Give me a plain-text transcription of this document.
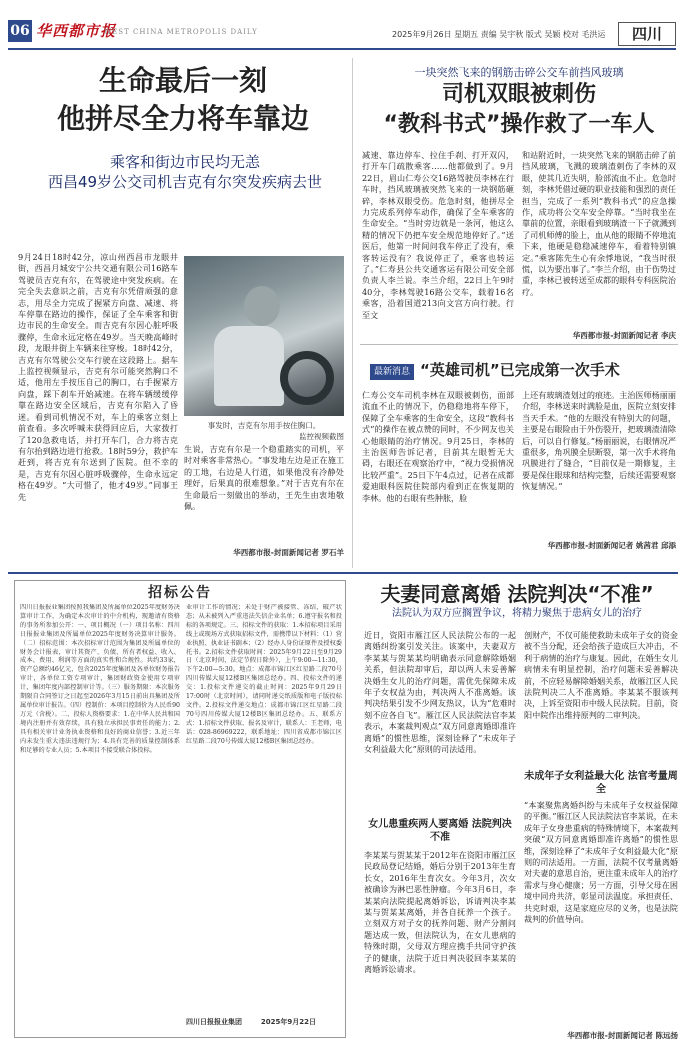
06 华西都市报
WEST CHINA METROPOLIS DAILY	2025年9月26日 星期五 责编 吴宇秋 版式 吴颖 校对 毛洪运	四川
生命最后一刻
他拼尽全力将车靠边
乘客和街边市民均无恙
西昌49岁公交司机吉克有尔突发疾病去世
9月24日18时42分，凉山州西昌市龙眼井街，西昌月城安宁公共交通有限公司16路车驾驶员吉克有尔，在驾驶途中突发疾病。在完全失去意识之前，吉克有尔凭借顽强的意志，用尽全力完成了握紧方向盘、减速、将车停靠在路边的操作，保证了全车乘客和街边市民的生命安全。而吉克有尔因心脏呼吸骤停，生命永远定格在49岁。当天晚高峰时段，龙眼井街上车辆来往穿梭。18时42分，吉克有尔驾驶公交车行驶在这段路上。据车上监控视频显示，吉克有尔可能突然胸口不适，他用左手按压自己的胸口，右手握紧方向盘，踩下刹车开始减速。在将车辆缓缓停靠在路边安全区域后，吉克有尔陷入了昏迷。看到司机情况不对，车上的乘客立刻上前查看。多次呼喊未获得回应后，大家拨打了120急救电话，并打开车门，合力将吉克有尔抬到路边进行抢救。18时59分，救护车赶到，将吉克有尔送到了医院。但不幸的是，吉克有尔因心脏呼吸骤停，生命永远定格在49岁。“大可惜了，他才49岁。”同事王先
事发时，吉克有尔用手按住胸口。
监控视频截图
生说，吉克有尔是一个稳重踏实的司机，平时对乘客非常热心。“事发地左边是正在施工的工地，右边是人行道，如果他没有冷静处理好，后果真的很难想象。”对于吉克有尔在生命最后一刻做出的举动，王先生由衷地敬佩。
华西都市报-封面新闻记者 罗石羊
一块突然飞来的钢筋击碎公交车前挡风玻璃
司机双眼被刺伤
“教科书式”操作救了一车人
减速、靠边停车、拉住手刹、打开双闪，打开车门疏散乘客……他都做到了。9月22日，眉山仁寿公交16路驾驶员李林在行车时，挡风玻璃被突然飞来的一块钢筋砸碎，李林双眼受伤。危急时刻，他拼尽全力完成系列停车动作，确保了全车乘客的生命安全。“当时旁边就是一条河，他这么精的情况下仍把车安全规范地停好了。”送医后，他第一时间问我车停正了没有，乘客转运没有？我说停正了，乘客也转运了。”仁寿县公共交通客运有限公司安全部负责人李兰说。李兰介绍，22日上午9时40分，李林驾驶16路公交车，载着16名乘客，沿着国道213向文宫方向行驶。行至文
和站附近时，一块突然飞来的钢筋击碎了前挡风玻璃，飞溅的玻璃渣刺伤了李林的双眼，使其几近失明，脸部流血不止。危急时刻，李林凭借过硬的职业技能和强烈的责任担当，完成了一系列“教科书式”的应急操作，成功将公交车安全停靠。“当时我坐在靠前的位置，亲眼看到玻璃渣一下子就溅到了司机师傅的脸上，血从他的眼睛不停地流下来，他硬是稳稳减速停车，看着特别镇定。”乘客陈先生心有余悸地说，“我当时很慌，以为要出事了。”李兰介绍，由于伤势过重，李林已被转送至成都的眼科专科医院治疗。
华西都市报-封面新闻记者 李庆
最新消息 “英雄司机”已完成第一次手术
仁寿公交车司机李林在双眼被刺伤，面部流血不止的情况下，仍稳稳地将车停下，保障了全车乘客的生命安全，这段“教科书式”的操作在被点赞的同时，不少网友也关心他眼睛的治疗情况。9月25日，李林的主治医师告诉记者，目前其左眼暂无大碍，右眼还在观察治疗中，“视力受损情况比较严重”。25日下午4点过，记者在成都爱迪眼科医院住院部内看到正在恢复期的李林。他的右眼有些肿胀，脸
上还有玻璃渣划过的痕迹。主治医师杨丽丽介绍，李林送来时满脸是血，医院立刻安排当天手术。“他的左眼没有特别大的问题，主要是右眼险由于外伤裂开，把玻璃渣清除后，可以自行修复。”杨丽丽说，右眼情况严重很多，角巩膜全层断裂，第一次手术将角巩膜进行了缝合，“目前仅是一期修复，主要是保住眼球和结构完整，后续还需要观察恢复情况。”
华西都市报-封面新闻记者 姚茜君 邱添
招标公告
四川日报报业集团按照我集团及所属单位2025年度财务决算审计工作，为确定本次审计的中介机构，现邀请有资格的事务所参加公开：一、项目概况（一）项目名称：四川日报报业集团及所属单位2025年度财务决算审计服务。（二）招标范围：本次招标审计范围为集团及所属单位的财务会计报表，审计其资产、负债、所有者权益、收入、成本、费用、利润等方面的真实性和合规性。共约33家，资产总额约46亿元，包含2025年度集团及各单位财务报告审计，各单位工资专项审计，集团财政资金使用专项审计，集团年度内部控制审计等。（三）服务期限：本次服务期限自合同签订之日起至2026年3月15日前出具集团及所属单位审计报告。（四）控制价：本项目控制价为人民币90万元（含税）。二、投标人资格要求：1.在中华人民共和国境内注册并有效存续，具有独立承担民事责任的能力；2.具有相关审计业务执业资格和良好的商业信誉；3.近三年内未发生重大违法违规行为；4.具有完善的质量控制体系和足够的专业人员；5.本项目不接受联合体投标。
业审计工作的情况；未处于财产被接管、冻结、破产状态；从未被列入严重违法失信企业名单；6.遵守报名和投标的各项规定。三、招标文件的获取：1.本招标项目采用线上或现场方式获取招标文件，需携带以下材料：（1）营业执照、执业证书副本；（2）经办人身份证原件及授权委托书。2.招标文件获取时间：2025年9月22日至9月29日（北京时间，法定节假日除外），上午9:00—11:30，下午2:00—5:30。地点：成都市锦江区红星路二段70号四川传媒大厦12楼B区集团总经办。四、投标文件的递交：1.投标文件递交的截止时间：2025年9月29日17:00时（北京时间），请同时递交纸质版和电子版投标文件。2.投标文件递交地点：成都市锦江区红星路二段70号四川传媒大厦12楼B区集团总经办。五、联系方式：1.招标文件获取、报名及审计，联系人：王老师，电话：028-86969222，联系地址：四川省成都市锦江区红星路二段70号传媒大厦12楼B区集团总经办。
四川日报报业集团	2025年9月22日
夫妻同意离婚 法院判决“不准”
法院认为双方应搁置争议，将精力聚焦于患病女儿的治疗
近日，资阳市雁江区人民法院公布的一起离婚纠纷案引发关注。该案中，夫妻双方李某某与贺某某均明确表示同意解除婚姻关系，但法院却审后，却以两人未妥善解决婚生女儿的治疗问题，需优先保障未成年子女权益为由，判决两人不准离婚。该判决结果引发不少网友热议，认为“危难时刻不应各自飞”。雁江区人民法院法官李某表示，本案裁判观点“双方同意离婚即准许离婚”的惯性思维，深刻诠释了“未成年子女利益最大化”原则的司法适用。
女儿患重疾两人要离婚 法院判决不准
李某某与贺某某于2012年在资阳市雁江区民政局登记结婚，婚后分别于2013年生育长女，2016年生育次女。今年3月，次女被确诊为淋巴恶性肿瘤。今年3月6日，李某某向法院提起离婚诉讼，诉请判决李某某与贺某某离婚，并各自抚养一个孩子。立刻双方对子女的抚养问题、财产分割问题达成一致，但法院认为，在女儿患病的特殊时期，父母双方理应携手共同守护孩子的健康，法院于近日判决驳回李某某的离婚诉讼请求。
剖财产，不仅可能使救助未成年子女的资金被不当分配，还会给孩子造成巨大冲击，不利于病情的治疗与康复。因此，在婚生女儿病情未有明显控制，治疗问题未妥善解决前，不应轻易解除婚姻关系，故雁江区人民法院判决二人不准离婚。李某某不服该判决，上诉至资阳市中级人民法院。目前，资阳中院作出维持原判的二审判决。
未成年子女利益最大化 法官考量周全
“本案聚焦离婚纠纷与未成年子女权益保障的平衡。”雁江区人民法院法官李某说，在未成年子女身患重病的特殊情境下，本案裁判突破“双方同意离婚即准许离婚”的惯性思维，深刻诠释了“未成年子女利益最大化”原则的司法适用。一方面，法院不仅考量离婚对夫妻的意思自治，更注重未成年人的治疗需求与身心健康；另一方面，引导父母在困境中同舟共济，彰显司法温度。承担责任、共克时艰，这是家庭应尽的义务，也是法院裁判的价值导向。
华西都市报-封面新闻记者 陈远扬
